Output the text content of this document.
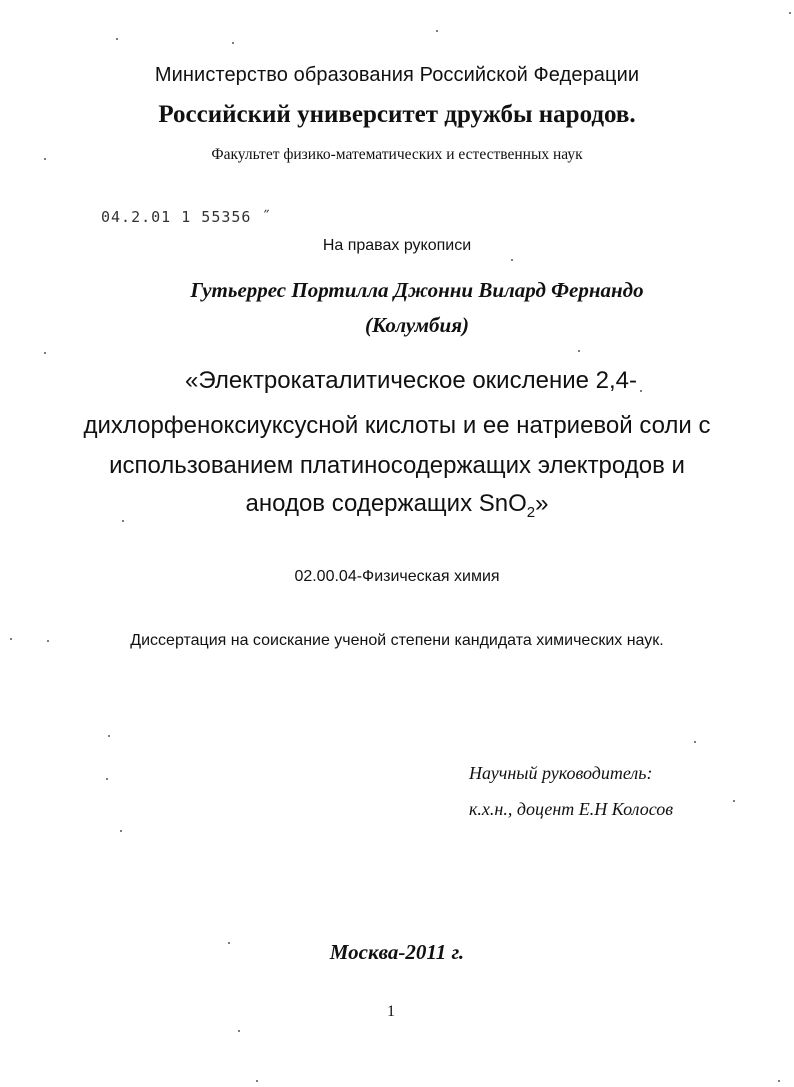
Министерство образования Российской Федерации
Российский университет дружбы народов.
Факультет физико-математических и естественных наук
04.2.01 1 55356 ˝
На правах рукописи
Гутьеррес Портилла Джонни Вилард Фернандо
(Колумбия)
«Электрокаталитическое окисление 2,4-
дихлорфеноксиуксусной кислоты и ее натриевой соли с
использованием платиносодержащих электродов и
анодов содержащих SnO$_2$»
02.00.04-Физическая химия
Диссертация на соискание ученой степени кандидата химических наук.
Научный руководитель:
к.х.н., доцент Е.Н Колосов
Москва-2011 г.
1
